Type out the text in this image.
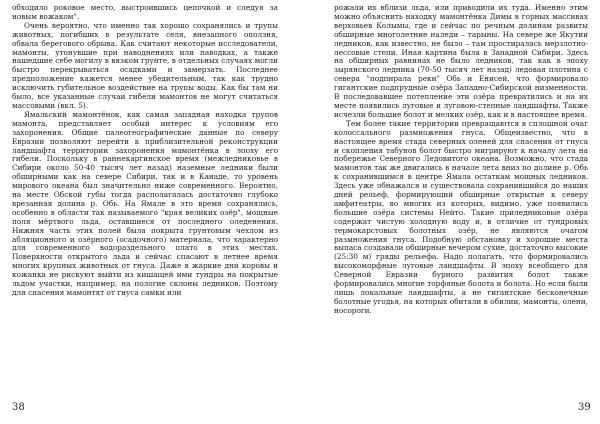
обходило роковое место, выстроившись цепочкой и следуя за новым вожаком".

Очень вероятно, что именно так хорошо сохранялись и трупы животных, погибших в результате селя, внезапного оползня, обвала берегового обрыва. Как считают некоторые исследователи, мамонты, утонувшие при наводнениях или паводках, а также нашедшие себе могилу в вязком грунте, в отдельных случаях могли быстро перекрываться осадками и замерзать. Последнее предположение кажется менее убедительным, так как трудно исключить губительное воздействие на трупы воды. Как бы там ни было, все указанные случаи гибели мамонтов не могут считаться массовыми (вкл. 5).

Ямальский мамонтёнок, как самая западная находка трупов мамонта, представляет особый интерес к условиям его захоронения. Общие палеогеографические данные по северу Евразии позволяют перейти к приблизительной реконструкции ландшафта территории захоронения мамонтёнка в эпоху его гибели. Поскольку в раннекаргинское время (межледниковье в Сибири около 50-40 тысяч лет назад) наземные ледники были обширными как на севере Сибири, так и в Канаде, то уровень мирового океана был значительно ниже современного. Вероятно, на месте Обской губы тогда располагалась достаточно глубоко врезанная долина р. Обь. На Ямале в это время сохранялись, особенно в области так называемого "края великих озёр", мощные поля мёртвого льда, оставшиеся от последнего оледенения. Нижняя часть этих полей была покрыта грунтовым чехлом из абляционного и озёрного (осадочного) материала, что характерно для современного водораздельного плато в этих местах. Поверхности открытого льда и сейчас спасают в летнее время многих крупных животных от гнуса. Даже в жаркие дни коровы и кожанка не рискуют выйти из кишащей ими тундры на покрытые льдом участки, например, на пологие склоны ледников. Поэтому для спасения мамонтят от гнуса самки или

38

рожали их вблизи льда, или приводили их туда. Именно этим можно объяснить находку мамонтёнка Димы в горных массивах верховьев Колымы, где и сейчас по речным долинам развиты обширные многолетние наледи – тарыны. На севере же Якутии ледников, как известно, не было – там простиралась мерзлотно-лессовые степи. Иная картина была в Западной Сибири. Здесь на обширных равнинах не было ледников, так как в эпоху зырянского ледника (70-50 тысяч лет назад) ледовая плотина с севера "подпирала реки" Обь и Енисей, что формировало гигантские подпрудные озёра Западно-Сибирской низменности. В последовавшее потепление эти озёра превратились и на их месте появились луговые и луговою-степные ландшафты. Также исчезли большие болот и мелких озёр, как и в настоящее время.

Тем более такие территории превращаются в сплошной очаг колоссального размножения гнуса. Общеизвестно, что в настоящее время стада северных оленей для спасения от гнуса и скопления табунов болот быстро мигрируют к началу лета на побережье Северного Ледовитого океана. Возможно, что стада мамонтов так же двигались в начале лета вниз по долине р. Обь к сохранившимся в центре Ямала остаткам мощных ледников. Здесь уже обнажался и существовала сохранившийся до наших дней рельеф, формирующий обширные открытые к северу амфитеатры, во многих из которых, видимо, уже появились большие озёра системы Нейто. Такие приледниковые озёра содержат чистую холодную воду и, в отличие от тундровых термокарстовых болотных озёр, не являются очагом размножения гнуса. Подобную обстановку и хорошие места выпаса создавали обширные вечером сухие, достаточно высокие (25:30 м) гряды рельефа. Надо полагать, что формировались высокоморфные луговые ландшафты. В эпоху всеобщего для Северной Евразии бурного развития болот также формировались многие торфяные болота и болота. Но если были лишь локальные ландшафты, а не гигантские бесконечные болотные угодья, на которых обитали в обилии, мамонты, олени, носороги.

39
